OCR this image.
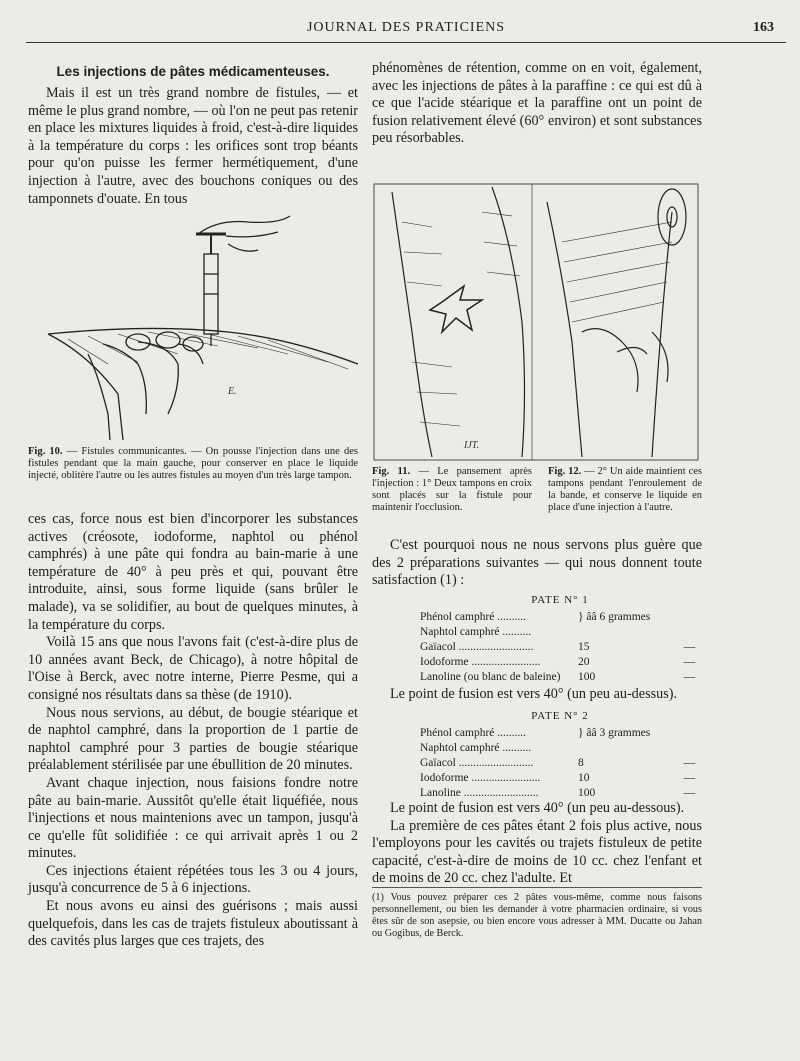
JOURNAL DES PRATICIENS	163
Les injections de pâtes médicamenteuses.

Mais il est un très grand nombre de fistules, — et même le plus grand nombre, — où l'on ne peut pas retenir en place les mixtures liquides à froid, c'est-à-dire liquides à la température du corps : les orifices sont trop béants pour qu'on puisse les fermer hermétiquement, d'une injection à l'autre, avec des bouchons coniques ou des tamponnets d'ouate. En tous

E.
Fig. 10. — Fistules communicantes. — On pousse l'injection dans une des fistules pendant que la main gauche, pour conserver en place le liquide injecté, oblitère l'autre ou les autres fistules au moyen d'un très large tampon.

ces cas, force nous est bien d'incorporer les substances actives (créosote, iodoforme, naphtol ou phénol camphrés) à une pâte qui fondra au bain-marie à une température de 40° à peu près et qui, pouvant être introduite, ainsi, sous forme liquide (sans brûler le malade), va se solidifier, au bout de quelques minutes, à la température du corps.

Voilà 15 ans que nous l'avons fait (c'est-à-dire plus de 10 années avant Beck, de Chicago), à notre hôpital de l'Oise à Berck, avec notre interne, Pierre Pesme, qui a consigné nos résultats dans sa thèse (de 1910).

Nous nous servions, au début, de bougie stéarique et de naphtol camphré, dans la proportion de 1 partie de naphtol camphré pour 3 parties de bougie stéarique préalablement stérilisée par une ébullition de 20 minutes.

Avant chaque injection, nous faisions fondre notre pâte au bain-marie. Aussitôt qu'elle était liquéfiée, nous l'injections et nous maintenions avec un tampon, jusqu'à ce qu'elle fût solidifiée : ce qui arrivait après 1 ou 2 minutes.

Ces injections étaient répétées tous les 3 ou 4 jours, jusqu'à concurrence de 5 à 6 injections.

Et nous avons eu ainsi des guérisons ; mais aussi quelquefois, dans les cas de trajets fistuleux aboutissant à des cavités plus larges que ces trajets, des

phénomènes de rétention, comme on en voit, également, avec les injections de pâtes à la paraffine : ce qui est dû à ce que l'acide stéarique et la paraffine ont un point de fusion relativement élevé (60° environ) et sont substances peu résorbables.

IJT.
Fig. 11. — Le pansement après l'injection : 1° Deux tampons en croix sont placés sur la fistule pour maintenir l'occlusion.
Fig. 12. — 2° Un aide maintient ces tampons pendant l'enroulement de la bande, et conserve le liquide en place d'une injection à l'autre.

C'est pourquoi nous ne nous servons plus guère que des 2 préparations suivantes — qui nous donnent toute satisfaction (1) :

PATE N° 1
Phénol camphré ..........	} ââ 6 grammes	
Naphtol camphré ..........		
Gaïacol ..........................	15	—
Iodoforme ........................	20	—
Lanoline (ou blanc de baleine)	100	—

Le point de fusion est vers 40° (un peu au-dessus).

PATE N° 2
Phénol camphré ..........	} ââ 3 grammes	
Naphtol camphré ..........		
Gaïacol ..........................	8	—
Iodoforme ........................	10	—
Lanoline ..........................	100	—

Le point de fusion est vers 40° (un peu au-dessous).

La première de ces pâtes étant 2 fois plus active, nous l'employons pour les cavités ou trajets fistuleux de petite capacité, c'est-à-dire de moins de 10 cc. chez l'enfant et de moins de 20 cc. chez l'adulte. Et

(1) Vous pouvez préparer ces 2 pâtes vous-même, comme nous faisons personnellement, ou bien les demander à votre pharmacien ordinaire, si vous êtes sûr de son asepsie, ou bien encore vous adresser à MM. Ducatte ou Jahan ou Gogibus, de Berck.
